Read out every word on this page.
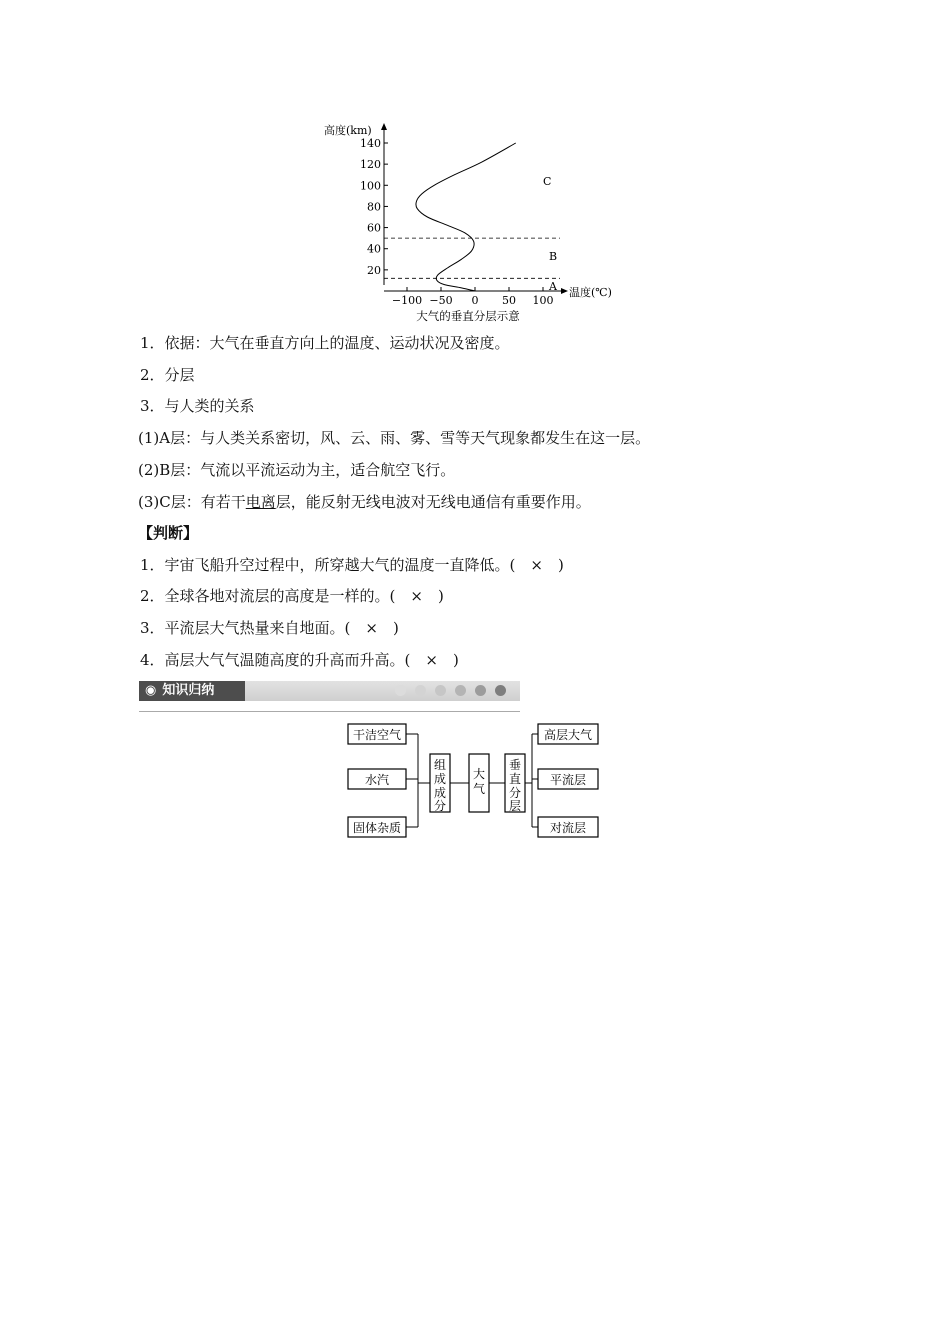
高度(km)
温度(℃)
140
120
100
80
60
40
20
−100 −50 0 50 100
C
B
A
大气的垂直分层示意
1．依据：大气在垂直方向上的温度、运动状况及密度。
2．分层
3．与人类的关系
(1)A层：与人类关系密切，风、云、雨、雾、雪等天气现象都发生在这一层。
(2)B层：气流以平流运动为主，适合航空飞行。
(3)C层：有若干电离层，能反射无线电波对无线电通信有重要作用。
【判断】
1．宇宙飞船升空过程中，所穿越大气的温度一直降低。(　×　)
2．全球各地对流层的高度是一样的。(　×　)
3．平流层大气热量来自地面。(　×　)
4．高层大气气温随高度的升高而升高。(　×　)
◉ 知识归纳
干洁空气
水汽
固体杂质
组
成
成
分
大
气
垂
直
分
层
高层大气
平流层
对流层
